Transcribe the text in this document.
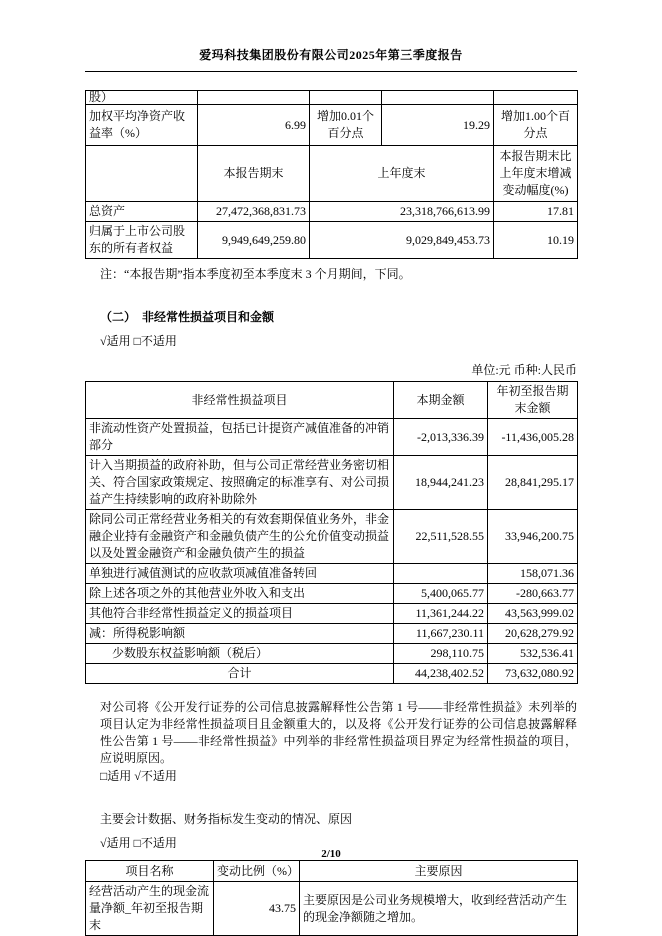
爱玛科技集团股份有限公司2025年第三季度报告
股）				
加权平均净资产收益率（%）	6.99	增加0.01个百分点	19.29	增加1.00个百分点
	本报告期末	上年度末		本报告期末比上年度末增减变动幅度(%)
总资产	27,472,368,831.73	23,318,766,613.99		17.81
归属于上市公司股东的所有者权益	9,949,649,259.80	9,029,849,453.73		10.19
注：“本报告期”指本季度初至本季度末 3 个月期间，下同。
（二）　非经常性损益项目和金额
√适用 □不适用
单位:元 币种:人民币
非经常性损益项目	本期金额	年初至报告期末金额
非流动性资产处置损益，包括已计提资产减值准备的冲销部分	-2,013,336.39	-11,436,005.28
计入当期损益的政府补助，但与公司正常经营业务密切相关、符合国家政策规定、按照确定的标准享有、对公司损益产生持续影响的政府补助除外	18,944,241.23	28,841,295.17
除同公司正常经营业务相关的有效套期保值业务外，非金融企业持有金融资产和金融负债产生的公允价值变动损益以及处置金融资产和金融负债产生的损益	22,511,528.55	33,946,200.75
单独进行减值测试的应收款项减值准备转回		158,071.36
除上述各项之外的其他营业外收入和支出	5,400,065.77	-280,663.77
其他符合非经常性损益定义的损益项目	11,361,244.22	43,563,999.02
减：所得税影响额	11,667,230.11	20,628,279.92
少数股东权益影响额（税后）	298,110.75	532,536.41
合计	44,238,402.52	73,632,080.92
对公司将《公开发行证券的公司信息披露解释性公告第 1 号——非经常性损益》未列举的项目认定为非经常性损益项目且金额重大的，以及将《公开发行证券的公司信息披露解释性公告第 1 号——非经常性损益》中列举的非经常性损益项目界定为经常性损益的项目，应说明原因。
□适用 √不适用
主要会计数据、财务指标发生变动的情况、原因
√适用 □不适用
项目名称	变动比例（%）	主要原因
经营活动产生的现金流量净额_年初至报告期末	43.75	主要原因是公司业务规模增大，收到经营活动产生的现金净额随之增加。
2/10
